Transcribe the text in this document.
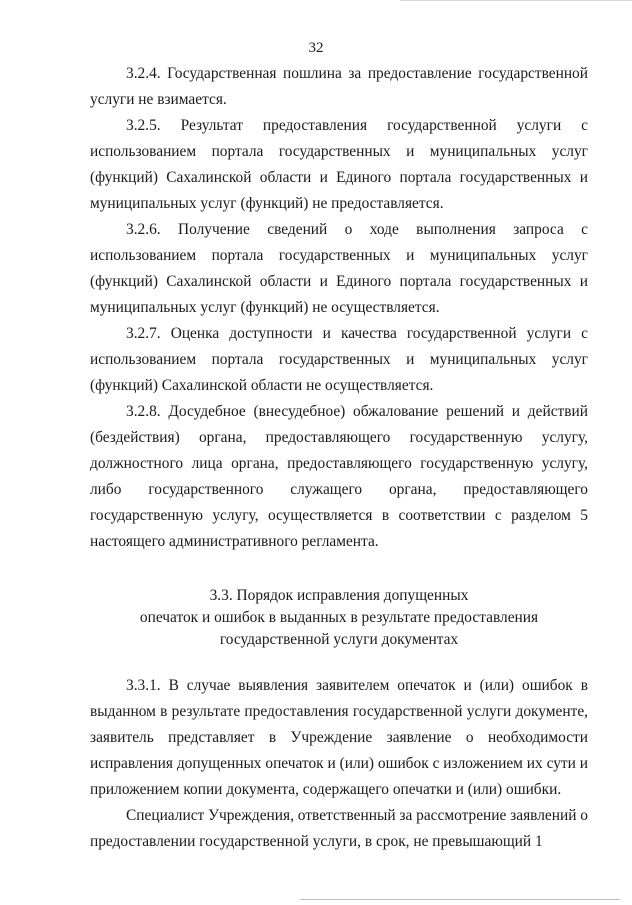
32

3.2.4. Государственная пошлина за предоставление государственной услуги не взимается.

3.2.5. Результат предоставления государственной услуги с использованием портала государственных и муниципальных услуг (функций) Сахалинской области и Единого портала государственных и муниципальных услуг (функций) не предоставляется.

3.2.6. Получение сведений о ходе выполнения запроса с использованием портала государственных и муниципальных услуг (функций) Сахалинской области и Единого портала государственных и муниципальных услуг (функций) не осуществляется.

3.2.7. Оценка доступности и качества государственной услуги с использованием портала государственных и муниципальных услуг (функций) Сахалинской области не осуществляется.

3.2.8. Досудебное (внесудебное) обжалование решений и действий (бездействия) органа, предоставляющего государственную услугу, должностного лица органа, предоставляющего государственную услугу, либо государственного служащего органа, предоставляющего государственную услугу, осуществляется в соответствии с разделом 5 настоящего административного регламента.

3.3. Порядок исправления допущенных
опечаток и ошибок в выданных в результате предоставления
государственной услуги документах

3.3.1. В случае выявления заявителем опечаток и (или) ошибок в выданном в результате предоставления государственной услуги документе, заявитель представляет в Учреждение заявление о необходимости исправления допущенных опечаток и (или) ошибок с изложением их сути и приложением копии документа, содержащего опечатки и (или) ошибки.

Специалист Учреждения, ответственный за рассмотрение заявлений о предоставлении государственной услуги, в срок, не превышающий 1
